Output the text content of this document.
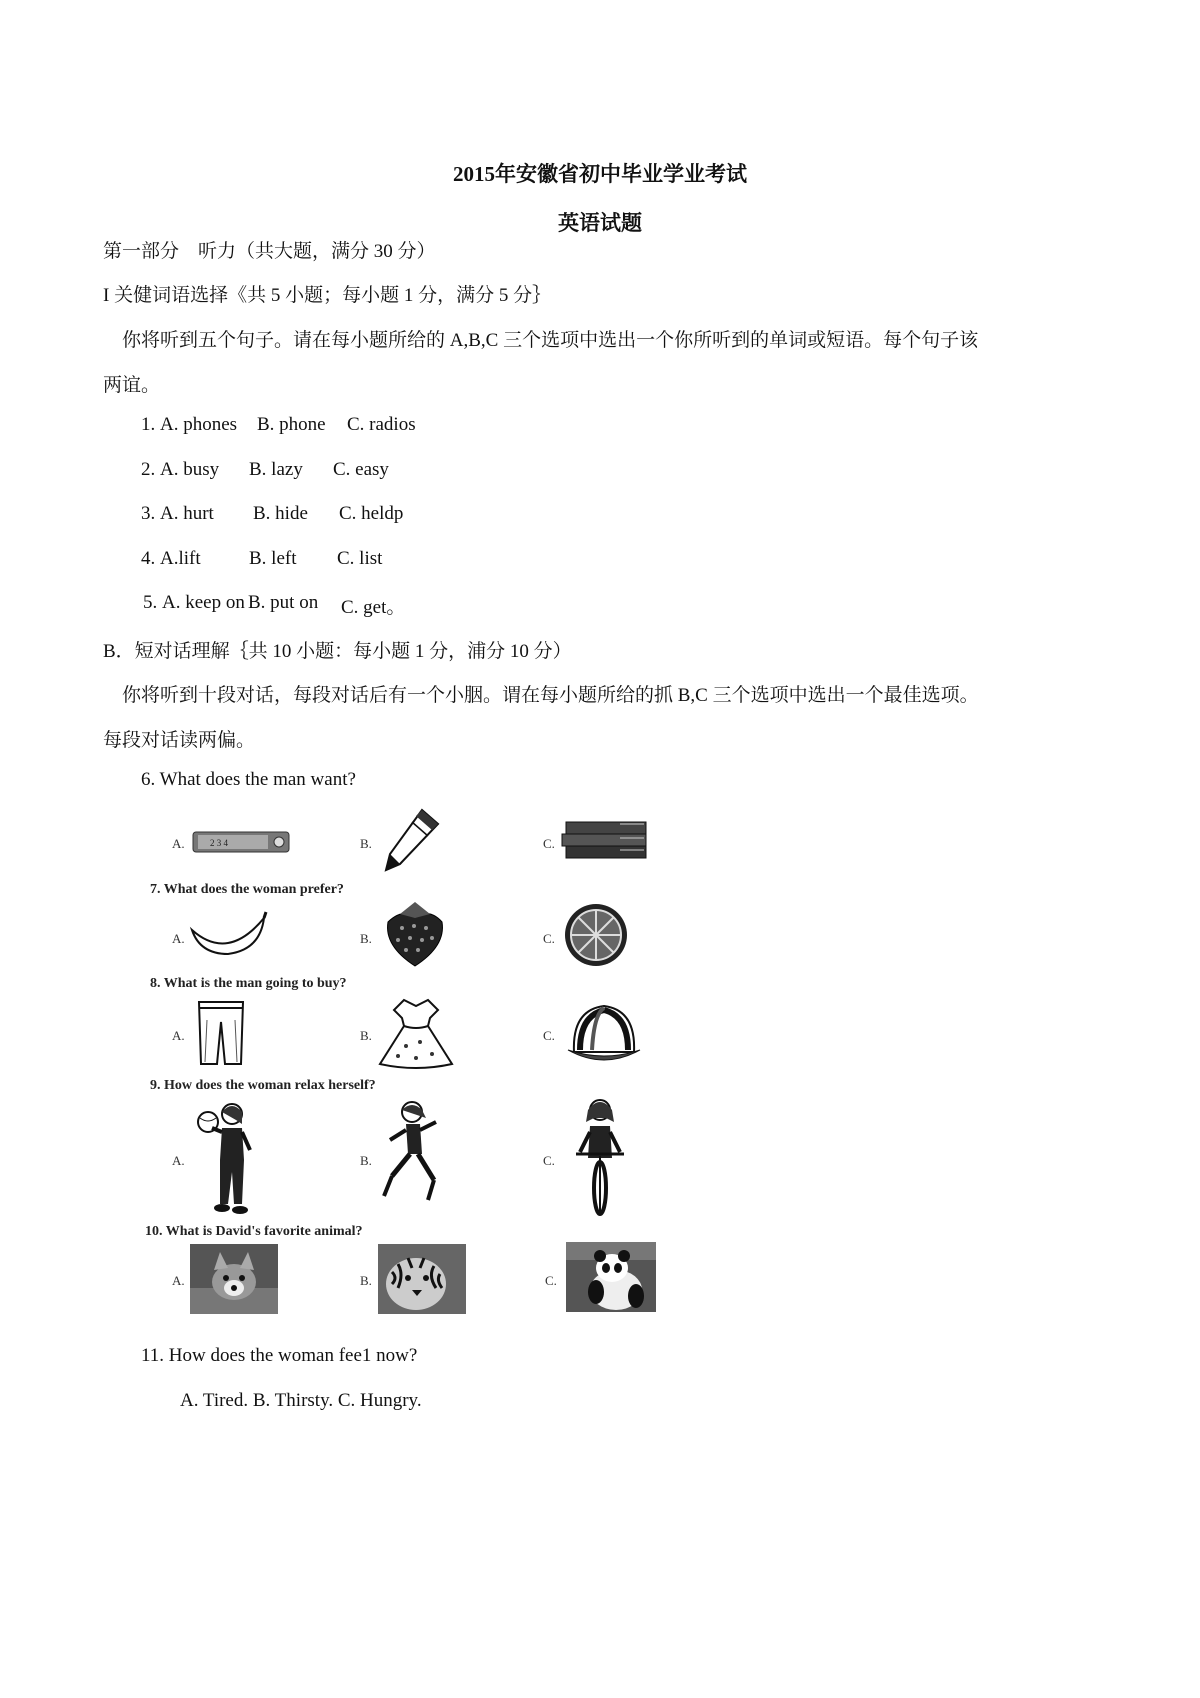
2015年安徽省初中毕业学业考试
英语试题
第一部分　听力（共大题，满分 30 分）
I 关健词语选择《共 5 小题；每小题 1 分，满分 5 分｝
你将听到五个句子。请在每小题所给的 A,B,C 三个选项中选出一个你所听到的单词或短语。每个句子该
两谊。
1. A. phones B. phone C. radios
2. A. busy B. lazy C. easy
3. A. hurt B. hide C. heldp
4. A.lift	B. left C. list
5. A. keep on B. put on C. get。
B．短对话理解｛共 10 小题：每小题 1 分，浦分 10 分）
你将听到十段对话，每段对话后有一个小胭。谓在每小题所给的抓 B,C 三个选项中选出一个最佳选项。
每段对话读两偏。
6. What does the man want?
A.	2 3 4	B.	C.
7. What does the woman prefer?
A.	B.	C.
8. What is the man going to buy?
A.	B.	C.
9. How does the woman relax herself?
A.	B.	C.
10. What is David's favorite animal?
A.	B.	C.
11. How does the woman fee1 now?
A. Tired. B. Thirsty. C. Hungry.
